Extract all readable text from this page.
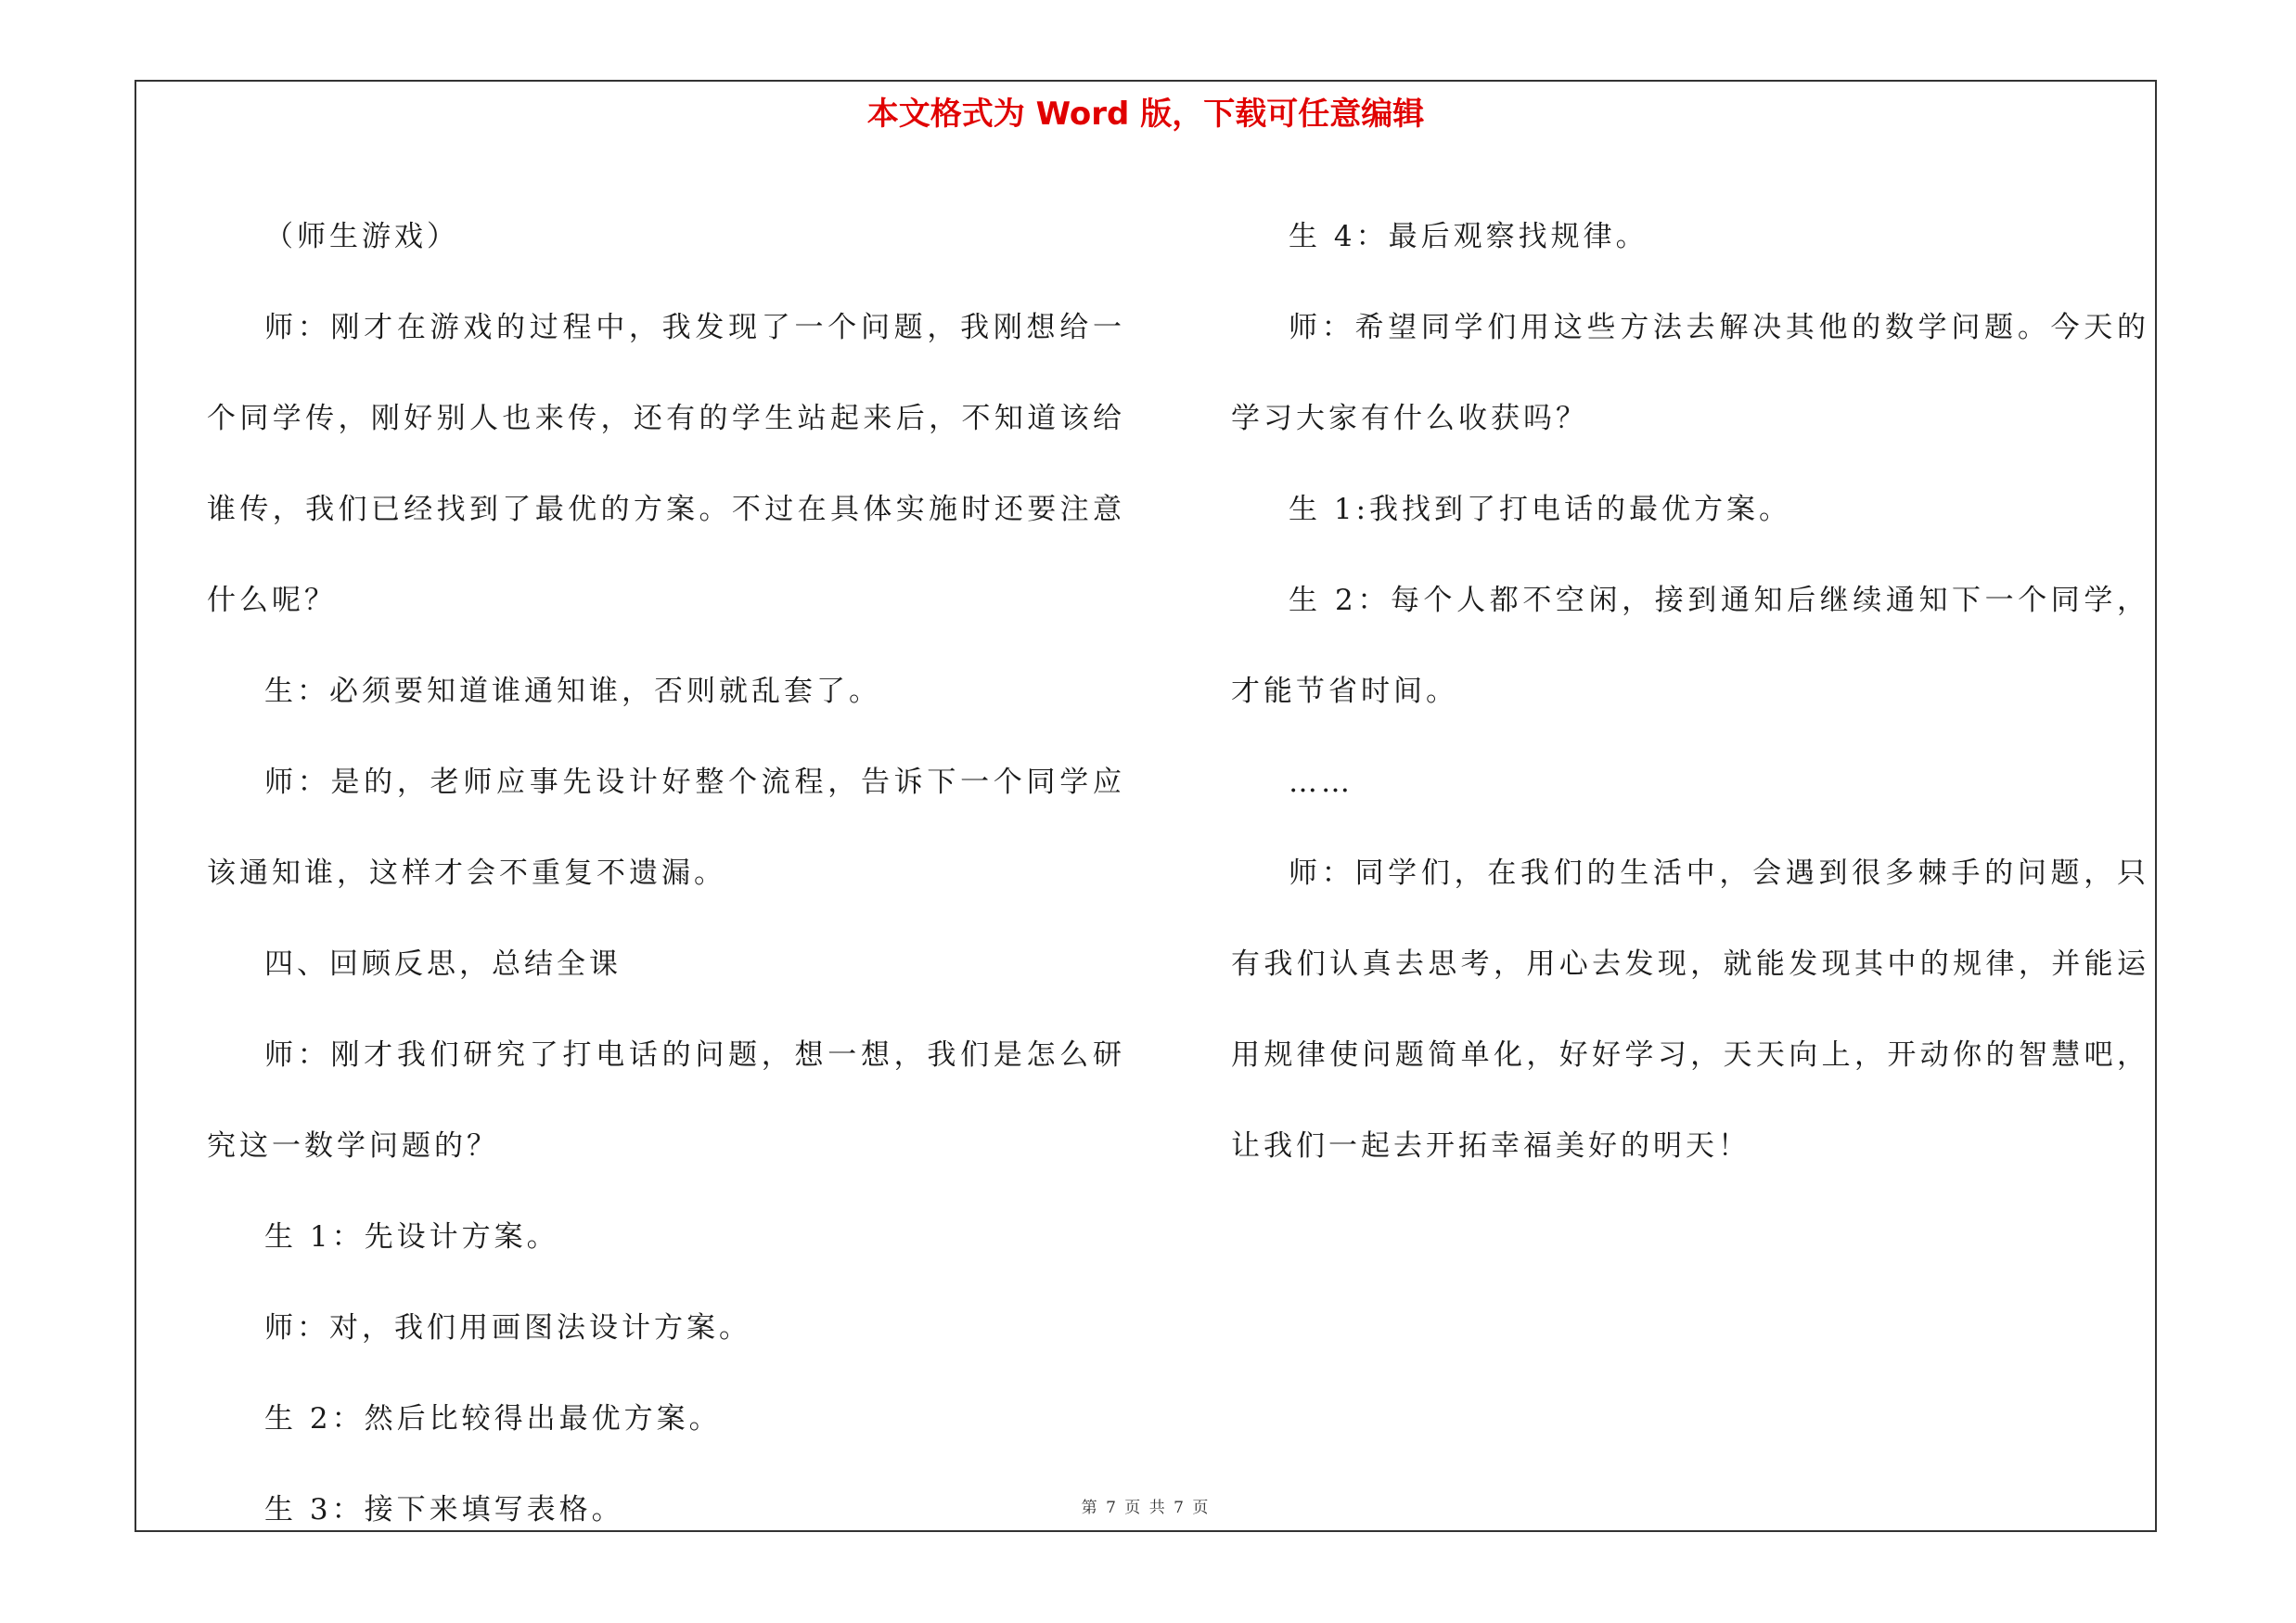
本文格式为 Word 版，下载可任意编辑

（师生游戏）

师：刚才在游戏的过程中，我发现了一个问题，我刚想给一个同学传，刚好别人也来传，还有的学生站起来后，不知道该给谁传，我们已经找到了最优的方案。不过在具体实施时还要注意什么呢？

生：必须要知道谁通知谁，否则就乱套了。

师：是的，老师应事先设计好整个流程，告诉下一个同学应该通知谁，这样才会不重复不遗漏。

四、回顾反思，总结全课

师：刚才我们研究了打电话的问题，想一想，我们是怎么研究这一数学问题的？

生 1：先设计方案。

师：对，我们用画图法设计方案。

生 2：然后比较得出最优方案。

生 3：接下来填写表格。

生 4：最后观察找规律。

师：希望同学们用这些方法去解决其他的数学问题。今天的学习大家有什么收获吗？

生 1:我找到了打电话的最优方案。

生 2：每个人都不空闲，接到通知后继续通知下一个同学，才能节省时间。

……

师：同学们，在我们的生活中，会遇到很多棘手的问题，只有我们认真去思考，用心去发现，就能发现其中的规律，并能运用规律使问题简单化，好好学习，天天向上，开动你的智慧吧，让我们一起去开拓幸福美好的明天！

第 7 页 共 7 页
